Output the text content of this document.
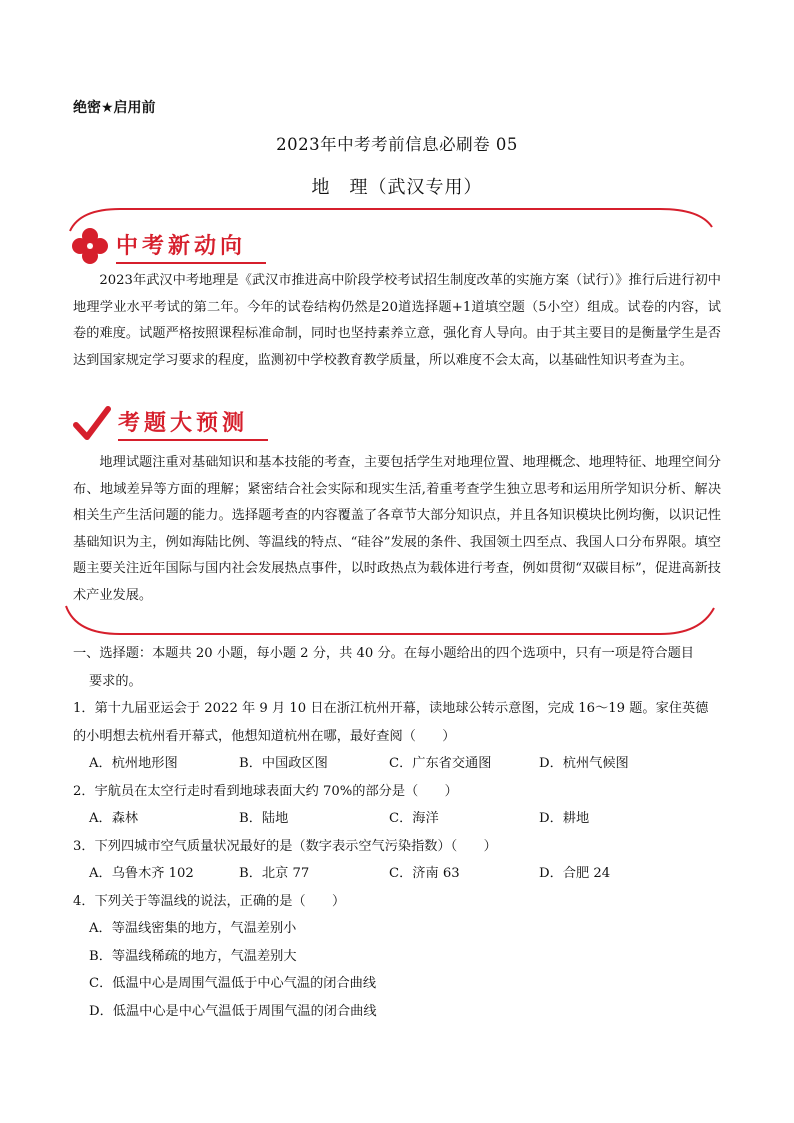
绝密★启用前
2023年中考考前信息必刷卷 05
地　理（武汉专用）
中考新动向

2023年武汉中考地理是《武汉市推进高中阶段学校考试招生制度改革的实施方案（试行）》推行后进行初中地理学业水平考试的第二年。今年的试卷结构仍然是20道选择题+1道填空题（5小空）组成。试卷的内容，试卷的难度。试题严格按照课程标准命制，同时也坚持素养立意，强化育人导向。由于其主要目的是衡量学生是否达到国家规定学习要求的程度，监测初中学校教育教学质量，所以难度不会太高，以基础性知识考查为主。

考题大预测

地理试题注重对基础知识和基本技能的考查，主要包括学生对地理位置、地理概念、地理特征、地理空间分布、地域差异等方面的理解；紧密结合社会实际和现实生活,着重考查学生独立思考和运用所学知识分析、解决相关生产生活问题的能力。选择题考查的内容覆盖了各章节大部分知识点，并且各知识模块比例均衡，以识记性基础知识为主，例如海陆比例、等温线的特点、“硅谷”发展的条件、我国领土四至点、我国人口分布界限。填空题主要关注近年国际与国内社会发展热点事件，以时政热点为载体进行考查，例如贯彻“双碳目标”，促进高新技术产业发展。

一、选择题：本题共 20 小题，每小题 2 分，共 40 分。在每小题给出的四个选项中，只有一项是符合题目
要求的。
1．第十九届亚运会于 2022 年 9 月 10 日在浙江杭州开幕，读地球公转示意图，完成 16～19 题。家住英德
的小明想去杭州看开幕式，他想知道杭州在哪，最好查阅（　　）
A．杭州地形图	B．中国政区图	C．广东省交通图	D．杭州气候图
2．宇航员在太空行走时看到地球表面大约 70%的部分是（　　）
A．森林	B．陆地	C．海洋	D．耕地
3．下列四城市空气质量状况最好的是（数字表示空气污染指数）（　　）
A．乌鲁木齐 102	B．北京 77	C．济南 63	D．合肥 24
4．下列关于等温线的说法，正确的是（　　）
A．等温线密集的地方，气温差别小
B．等温线稀疏的地方，气温差别大
C．低温中心是周围气温低于中心气温的闭合曲线
D．低温中心是中心气温低于周围气温的闭合曲线
